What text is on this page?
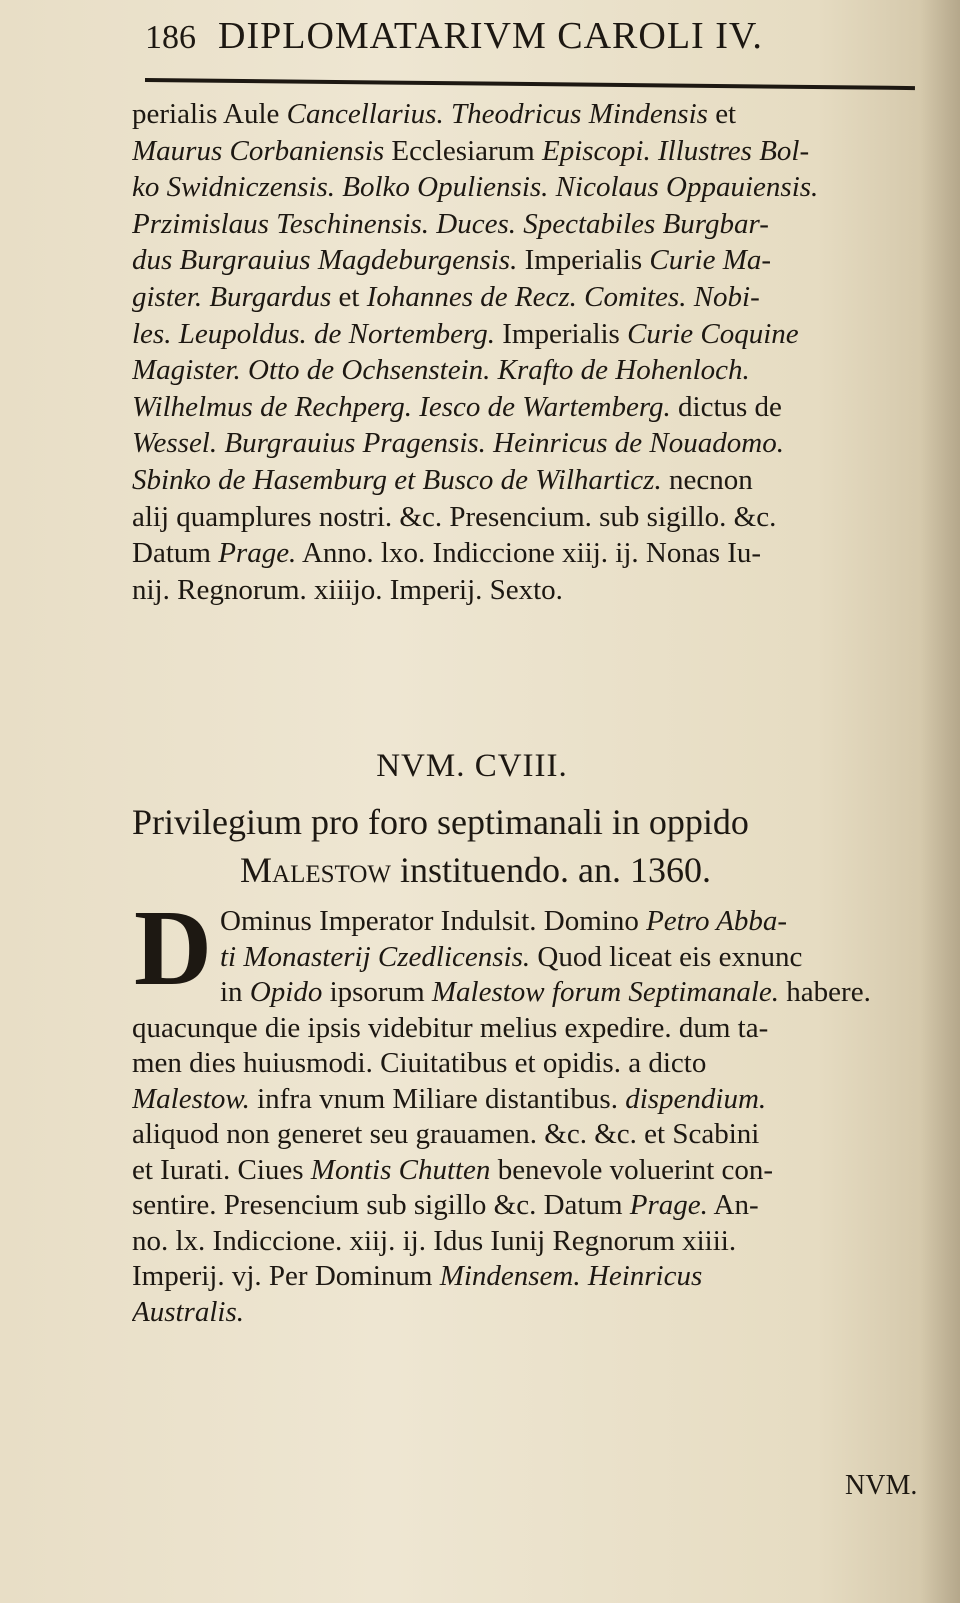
186 DIPLOMATARIVM CAROLI IV.
perialis Aule Cancellarius. Theodricus Mindensis et
Maurus Corbaniensis Ecclesiarum Episcopi. Illustres Bol-
ko Swidniczensis. Bolko Opuliensis. Nicolaus Oppauiensis.
Przimislaus Teschinensis. Duces. Spectabiles Burgbar-
dus Burgrauius Magdeburgensis. Imperialis Curie Ma-
gister. Burgardus et Iohannes de Recz. Comites. Nobi-
les. Leupoldus. de Nortemberg. Imperialis Curie Coquine
Magister. Otto de Ochsenstein. Krafto de Hohenloch.
Wilhelmus de Rechperg. Iesco de Wartemberg. dictus de
Wessel. Burgrauius Pragensis. Heinricus de Nouadomo.
Sbinko de Hasemburg et Busco de Wilharticz. necnon
alij quamplures nostri. &c. Presencium. sub sigillo. &c.
Datum Prage. Anno. lxo. Indiccione xiij. ij. Nonas Iu-
nij. Regnorum. xiiijo. Imperij. Sexto.
NVM. CVIII.
Privilegium pro foro septimanali in oppido
Malestow instituendo. an. 1360.
D Ominus Imperator Indulsit. Domino Petro Abba-
ti Monasterij Czedlicensis. Quod liceat eis exnunc
in Opido ipsorum Malestow forum Septimanale. habere.
quacunque die ipsis videbitur melius expedire. dum ta-
men dies huiusmodi. Ciuitatibus et opidis. a dicto
Malestow. infra vnum Miliare distantibus. dispendium.
aliquod non generet seu grauamen. &c. &c. et Scabini
et Iurati. Ciues Montis Chutten benevole voluerint con-
sentire. Presencium sub sigillo &c. Datum Prage. An-
no. lx. Indiccione. xiij. ij. Idus Iunij Regnorum xiiii.
Imperij. vj. Per Dominum Mindensem. Heinricus
Australis.
NVM.
